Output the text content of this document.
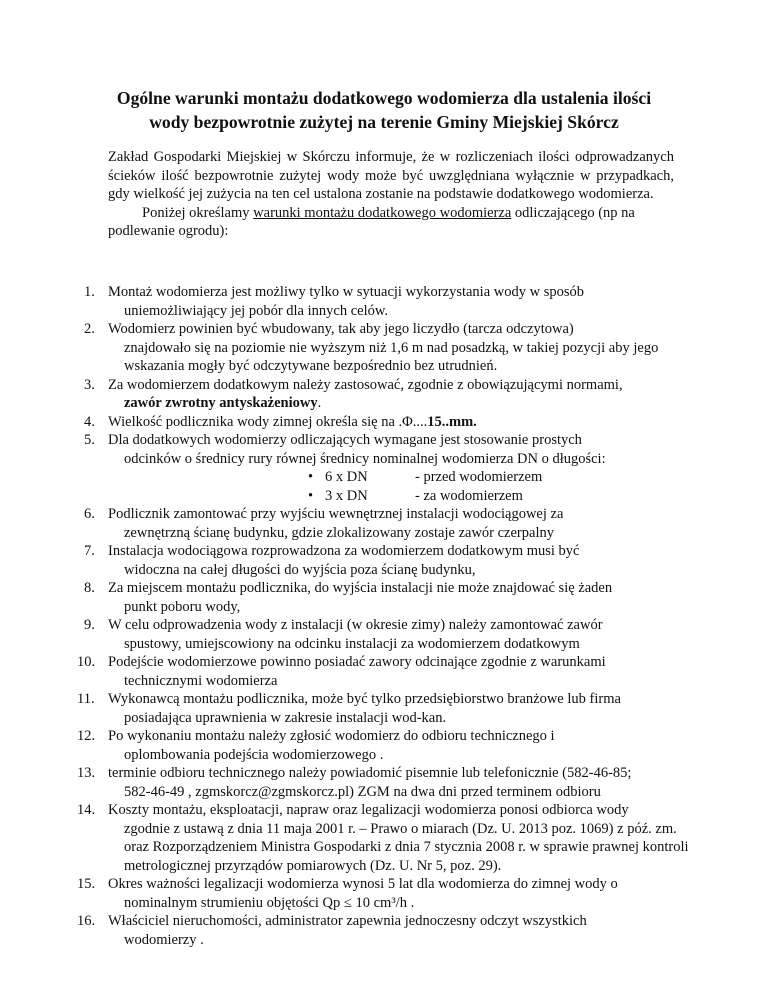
Ogólne warunki montażu dodatkowego wodomierza dla ustalenia ilości
wody bezpowrotnie zużytej na terenie Gminy Miejskiej Skórcz

Zakład Gospodarki Miejskiej w Skórczu informuje, że w rozliczeniach ilości odprowadzanych ścieków ilość bezpowrotnie zużytej wody może być uwzględniana wyłącznie w przypadkach, gdy wielkość jej zużycia na ten cel ustalona zostanie na podstawie dodatkowego wodomierza.

Poniżej określamy warunki montażu dodatkowego wodomierza odliczającego (np na podlewanie ogrodu):

1. Montaż wodomierza jest możliwy tylko w sytuacji wykorzystania wody w sposób
uniemożliwiający jej pobór dla innych celów.
2. Wodomierz powinien być wbudowany, tak aby jego liczydło (tarcza odczytowa)
znajdowało się na poziomie nie wyższym niż 1,6 m nad posadzką, w takiej pozycji aby jego wskazania mogły być odczytywane bezpośrednio bez utrudnień.
3. Za wodomierzem dodatkowym należy zastosować, zgodnie z obowiązującymi normami,
zawór zwrotny antyskażeniowy.
4. Wielkość podlicznika wody zimnej określa się na .Φ....15..mm.
5. Dla dodatkowych wodomierzy odliczających wymagane jest stosowanie prostych
odcinków o średnicy rury równej średnicy nominalnej wodomierza DN o długości:
• 6 x DN	- przed wodomierzem
• 3 x DN	- za wodomierzem
6. Podlicznik zamontować przy wyjściu wewnętrznej instalacji wodociągowej za
zewnętrzną ścianę budynku, gdzie zlokalizowany zostaje zawór czerpalny
7. Instalacja wodociągowa rozprowadzona za wodomierzem dodatkowym musi być
widoczna na całej długości do wyjścia poza ścianę budynku,
8. Za miejscem montażu podlicznika, do wyjścia instalacji nie może znajdować się żaden
punkt poboru wody,
9. W celu odprowadzenia wody z instalacji (w okresie zimy) należy zamontować zawór
spustowy, umiejscowiony na odcinku instalacji za wodomierzem dodatkowym
10. Podejście wodomierzowe powinno posiadać zawory odcinające zgodnie z warunkami
technicznymi wodomierza
11. Wykonawcą montażu podlicznika, może być tylko przedsiębiorstwo branżowe lub firma
posiadająca uprawnienia w zakresie instalacji wod-kan.
12. Po wykonaniu montażu należy zgłosić wodomierz do odbioru technicznego i
oplombowania podejścia wodomierzowego .
13. terminie odbioru technicznego należy powiadomić pisemnie lub telefonicznie (582-46-85;
582-46-49 , zgmskorcz@zgmskorcz.pl) ZGM na dwa dni przed terminem odbioru
14. Koszty montażu, eksploatacji, napraw oraz legalizacji wodomierza ponosi odbiorca wody
zgodnie z ustawą z dnia 11 maja 2001 r. – Prawo o miarach (Dz. U. 2013 poz. 1069) z póź. zm. oraz Rozporządzeniem Ministra Gospodarki z dnia 7 stycznia 2008 r. w sprawie prawnej kontroli metrologicznej przyrządów pomiarowych (Dz. U. Nr 5, poz. 29).
15. Okres ważności legalizacji wodomierza wynosi 5 lat dla wodomierza do zimnej wody o
nominalnym strumieniu objętości Qp ≤ 10 cm³/h .
16. Właściciel nieruchomości, administrator zapewnia jednoczesny odczyt wszystkich
wodomierzy .
